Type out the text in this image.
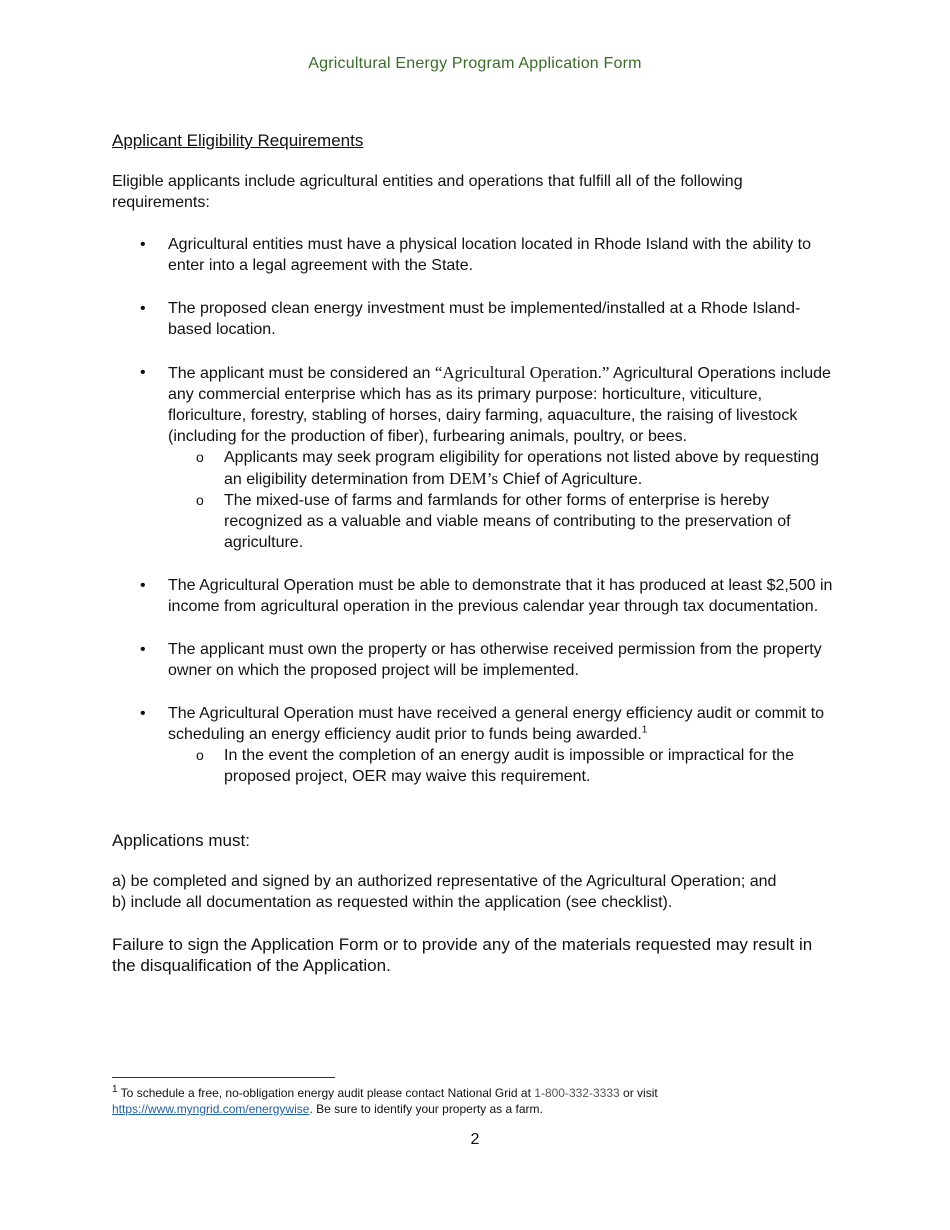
Agricultural Energy Program Application Form
Applicant Eligibility Requirements
Eligible applicants include agricultural entities and operations that fulfill all of the following requirements:
• Agricultural entities must have a physical location located in Rhode Island with the ability to enter into a legal agreement with the State.
• The proposed clean energy investment must be implemented/installed at a Rhode Island-based location.
• The applicant must be considered an “Agricultural Operation.” Agricultural Operations include any commercial enterprise which has as its primary purpose: horticulture, viticulture, floriculture, forestry, stabling of horses, dairy farming, aquaculture, the raising of livestock (including for the production of fiber), furbearing animals, poultry, or bees.
o Applicants may seek program eligibility for operations not listed above by requesting an eligibility determination from DEM’s Chief of Agriculture.
o The mixed-use of farms and farmlands for other forms of enterprise is hereby recognized as a valuable and viable means of contributing to the preservation of agriculture.
• The Agricultural Operation must be able to demonstrate that it has produced at least $2,500 in income from agricultural operation in the previous calendar year through tax documentation.
• The applicant must own the property or has otherwise received permission from the property owner on which the proposed project will be implemented.
• The Agricultural Operation must have received a general energy efficiency audit or commit to scheduling an energy efficiency audit prior to funds being awarded.$^1$
o In the event the completion of an energy audit is impossible or impractical for the proposed project, OER may waive this requirement.
Applications must:
a) be completed and signed by an authorized representative of the Agricultural Operation; and
b) include all documentation as requested within the application (see checklist).
Failure to sign the Application Form or to provide any of the materials requested may result in the disqualification of the Application.
$^1$ To schedule a free, no-obligation energy audit please contact National Grid at 1-800-332-3333 or visit
https://www.myngrid.com/energywise. Be sure to identify your property as a farm.
2
